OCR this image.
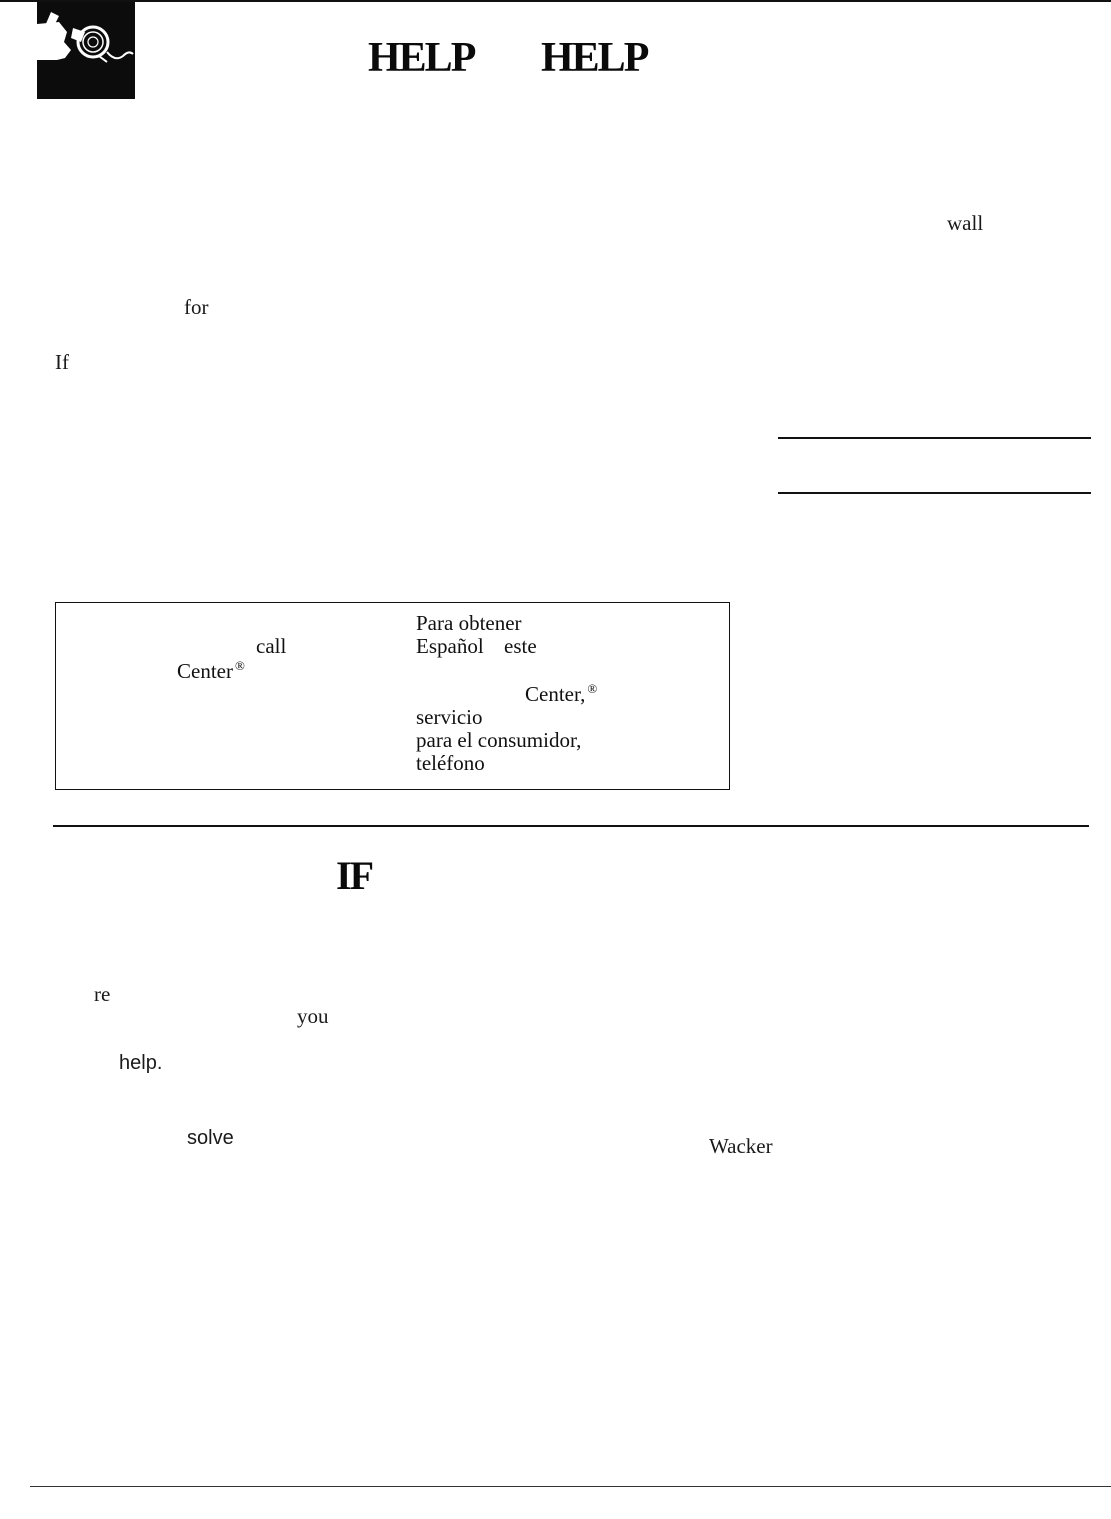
HELP HELP
wall
for
If
call
Center ®
Para obtener
Español este
Center, ®
servicio
para el consumidor,
teléfono
IF
re
you
help.
solve	Wacker
